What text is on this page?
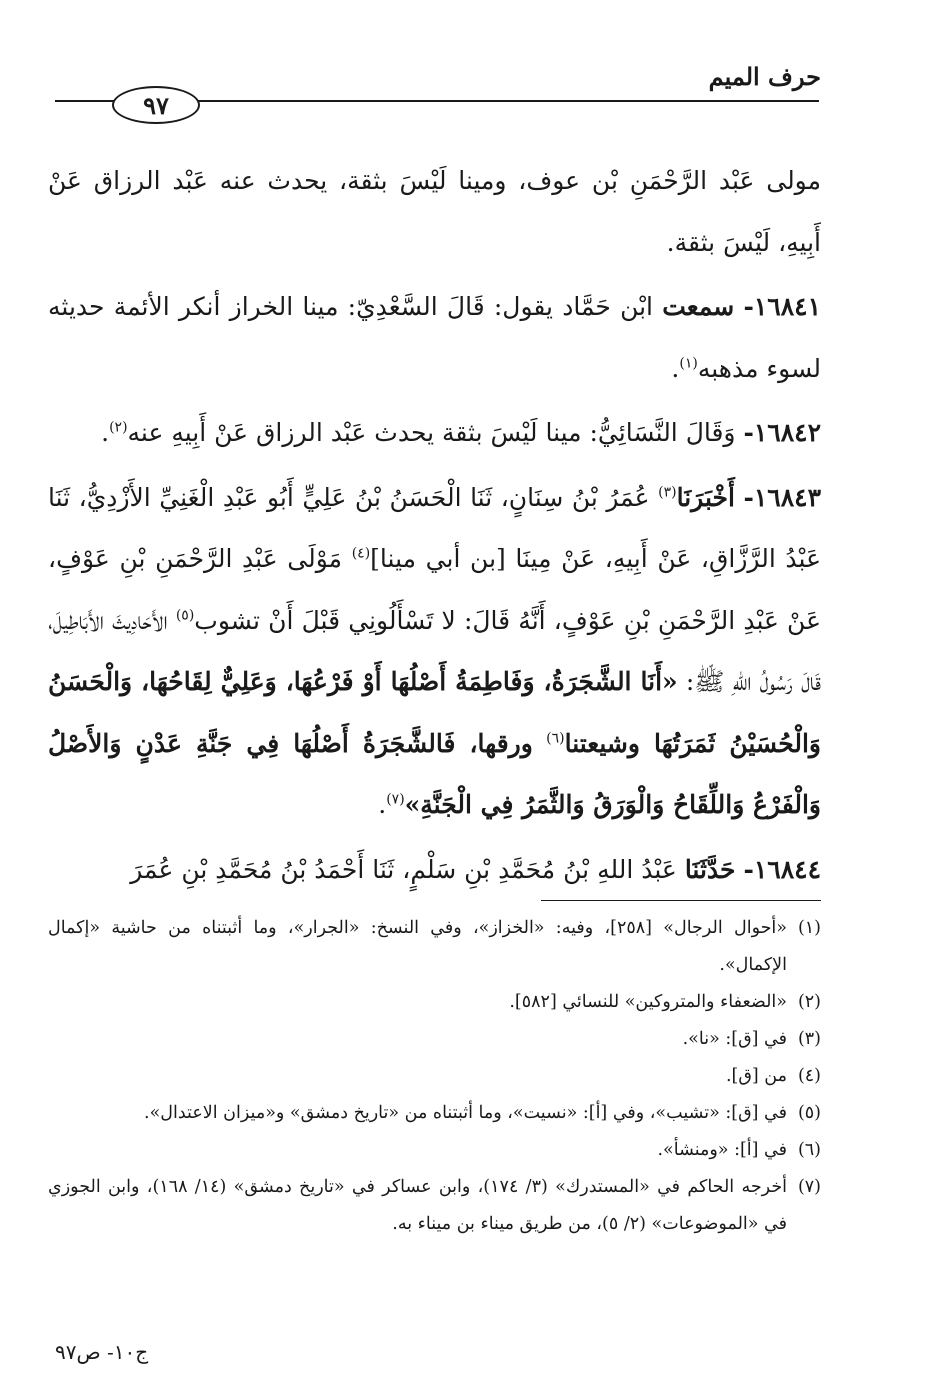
٩٧
حرف الميم

مولى عَبْد الرَّحْمَنِ بْن عوف، ومينا لَيْسَ بثقة، يحدث عنه عَبْد الرزاق عَنْ أَبِيهِ، لَيْسَ بثقة.

١٦٨٤١- سمعت ابْن حَمَّاد يقول: قَالَ السَّعْدِيّ: مينا الخراز أنكر الأئمة حديثه لسوء مذهبه$^{(١)}$.

١٦٨٤٢- وَقَالَ النَّسَائِيُّ: مينا لَيْسَ بثقة يحدث عَبْد الرزاق عَنْ أَبِيهِ عنه$^{(٢)}$.

١٦٨٤٣- أَخْبَرَنَا$^{(٣)}$ عُمَرُ بْنُ سِنَانٍ، ثَنَا الْحَسَنُ بْنُ عَلِيٍّ أَبُو عَبْدِ الْغَنِيِّ الأَزْدِيُّ، ثَنَا عَبْدُ الرَّزَّاقِ، عَنْ أَبِيهِ، عَنْ مِينَا [بن أبي مينا]$^{(٤)}$ مَوْلَى عَبْدِ الرَّحْمَنِ بْنِ عَوْفٍ، عَنْ عَبْدِ الرَّحْمَنِ بْنِ عَوْفٍ، أَنَّهُ قَالَ: لا تَسْأَلُونِي قَبْلَ أَنْ تشوب$^{(٥)}$ الأَحَادِيثَ الأَبَاطِيلَ، قَالَ رَسُولُ اللهِ ﷺ: «أَنَا الشَّجَرَةُ، وَفَاطِمَةُ أَصْلُهَا أَوْ فَرْعُهَا، وَعَلِيٌّ لِقَاحُهَا، وَالْحَسَنُ وَالْحُسَيْنُ ثَمَرَتُهَا وشيعتنا$^{(٦)}$ ورقها، فَالشَّجَرَةُ أَصْلُهَا فِي جَنَّةِ عَدْنٍ وَالأَصْلُ وَالْفَرْعُ وَاللِّقَاحُ وَالْوَرَقُ وَالثَّمَرُ فِي الْجَنَّةِ»$^{(٧)}$.

١٦٨٤٤- حَدَّثَنَا عَبْدُ اللهِ بْنُ مُحَمَّدِ بْنِ سَلْمٍ، ثَنَا أَحْمَدُ بْنُ مُحَمَّدِ بْنِ عُمَرَ

(١)
«أحوال الرجال» [٢٥٨]، وفيه: «الخزاز»، وفي النسخ: «الجرار»، وما أثبتناه من حاشية «إكمال الإكمال».

(٢)
«الضعفاء والمتروكين» للنسائي [٥٨٢].

(٣)
في [ق]: «نا».

(٤)
من [ق].

(٥)
في [ق]: «تشيب»، وفي [أ]: «نسيت»، وما أثبتناه من «تاريخ دمشق» و«ميزان الاعتدال».

(٦)
في [أ]: «ومنشأ».

(٧)
أخرجه الحاكم في «المستدرك» (٣/ ١٧٤)، وابن عساكر في «تاريخ دمشق» (١٤/ ١٦٨)، وابن الجوزي في «الموضوعات» (٢/ ٥)، من طريق ميناء بن ميناء به.

ج١٠- ص٩٧
